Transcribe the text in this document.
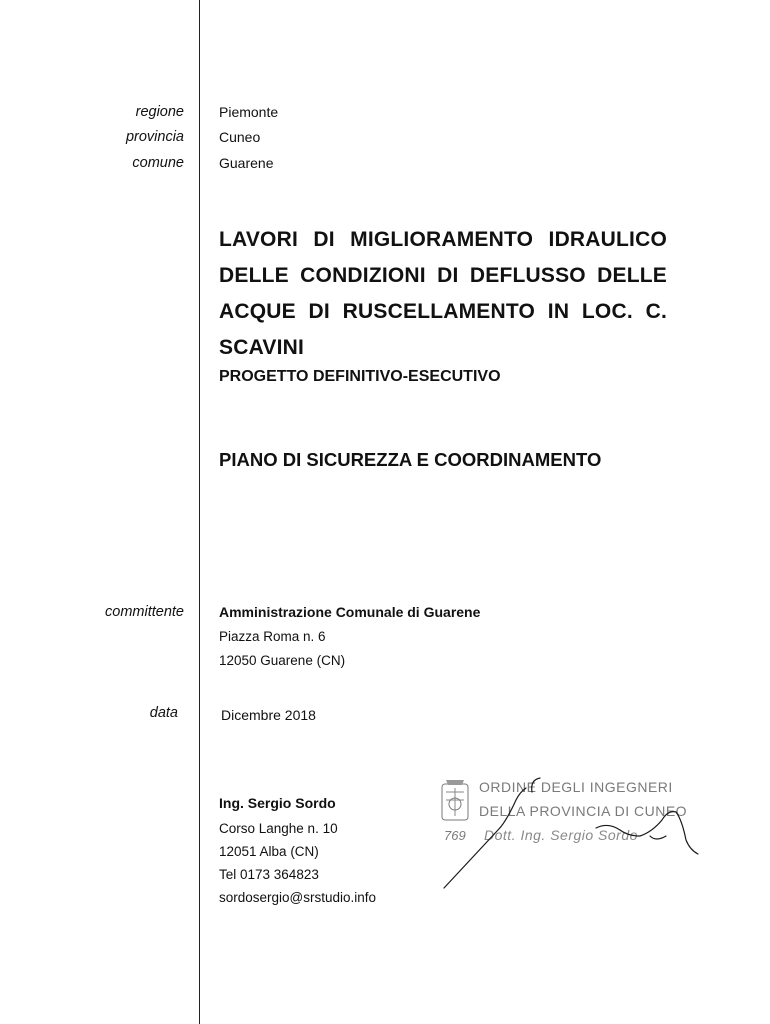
regione
provincia
comune
Piemonte
Cuneo
Guarene
LAVORI DI MIGLIORAMENTO IDRAULICO DELLE CONDIZIONI DI DEFLUSSO DELLE ACQUE DI RUSCELLAMENTO IN LOC. C. SCAVINI
PROGETTO DEFINITIVO-ESECUTIVO
PIANO DI SICUREZZA E COORDINAMENTO
committente	Amministrazione Comunale di Guarene
Piazza Roma n. 6
12050 Guarene (CN)
data	Dicembre 2018
Ing. Sergio Sordo
Corso Langhe n. 10
12051 Alba (CN)
Tel 0173 364823
sordosergio@srstudio.info
ORDINE DEGLI INGEGNERI
DELLA PROVINCIA DI CUNEO
769 Dott. Ing. Sergio Sordo
